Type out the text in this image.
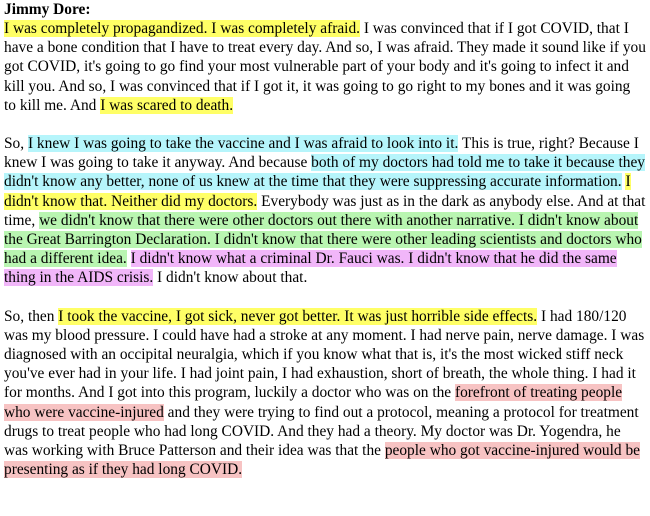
Jimmy Dore:

I was completely propagandized. I was completely afraid. I was convinced that if I got COVID, that I have a bone condition that I have to treat every day. And so, I was afraid. They made it sound like if you got COVID, it's going to go find your most vulnerable part of your body and it's going to infect it and kill you. And so, I was convinced that if I got it, it was going to go right to my bones and it was going to kill me. And I was scared to death.

So, I knew I was going to take the vaccine and I was afraid to look into it. This is true, right? Because I knew I was going to take it anyway. And because both of my doctors had told me to take it because they didn't know any better, none of us knew at the time that they were suppressing accurate information. I didn't know that. Neither did my doctors. Everybody was just as in the dark as anybody else. And at that time, we didn't know that there were other doctors out there with another narrative. I didn't know about the Great Barrington Declaration. I didn't know that there were other leading scientists and doctors who had a different idea. I didn't know what a criminal Dr. Fauci was. I didn't know that he did the same thing in the AIDS crisis. I didn't know about that.

So, then I took the vaccine, I got sick, never got better. It was just horrible side effects. I had 180/120 was my blood pressure. I could have had a stroke at any moment. I had nerve pain, nerve damage. I was diagnosed with an occipital neuralgia, which if you know what that is, it's the most wicked stiff neck you've ever had in your life. I had joint pain, I had exhaustion, short of breath, the whole thing. I had it for months. And I got into this program, luckily a doctor who was on the forefront of treating people who were vaccine-injured and they were trying to find out a protocol, meaning a protocol for treatment drugs to treat people who had long COVID. And they had a theory. My doctor was Dr. Yogendra, he was working with Bruce Patterson and their idea was that the people who got vaccine-injured would be presenting as if they had long COVID.
